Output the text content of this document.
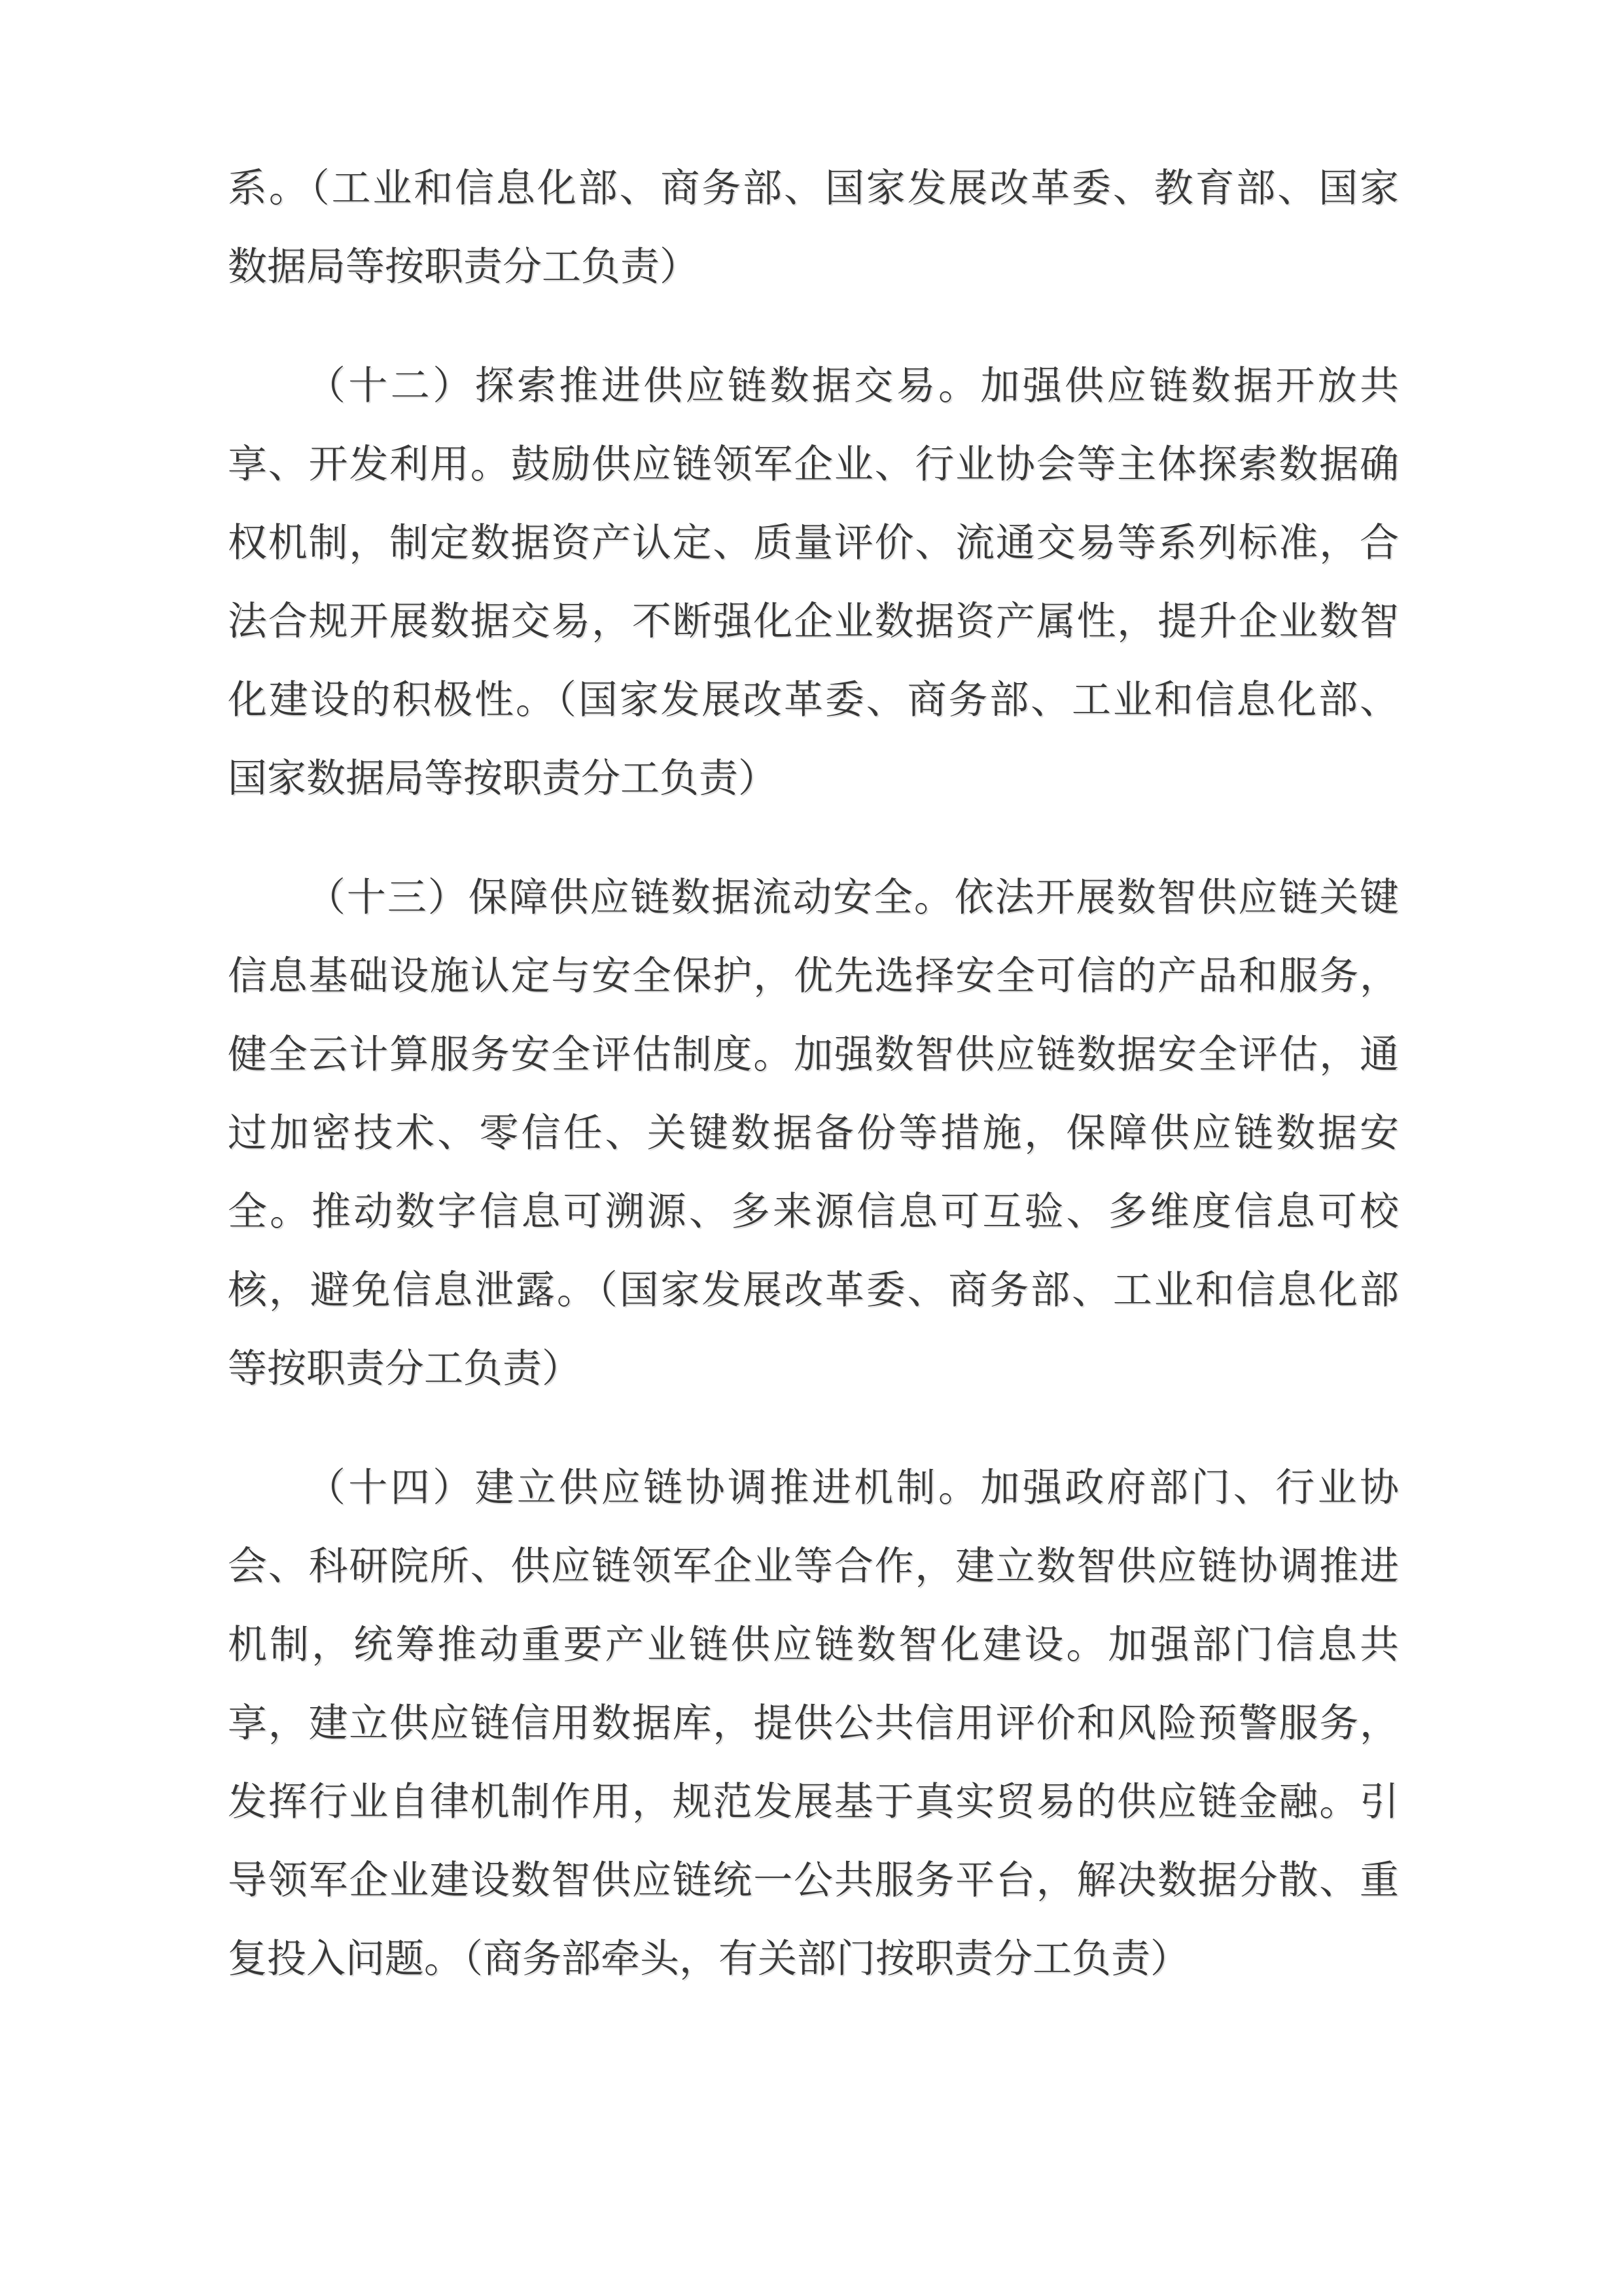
系。（工业和信息化部、商务部、国家发展改革委、教育部、国家
数据局等按职责分工负责）
（十二）探索推进供应链数据交易。加强供应链数据开放共
享、开发利用。鼓励供应链领军企业、行业协会等主体探索数据确
权机制，制定数据资产认定、质量评价、流通交易等系列标准，合
法合规开展数据交易，不断强化企业数据资产属性，提升企业数智
化建设的积极性。（国家发展改革委、商务部、工业和信息化部、
国家数据局等按职责分工负责）
（十三）保障供应链数据流动安全。依法开展数智供应链关键
信息基础设施认定与安全保护，优先选择安全可信的产品和服务，
健全云计算服务安全评估制度。加强数智供应链数据安全评估，通
过加密技术、零信任、关键数据备份等措施，保障供应链数据安
全。推动数字信息可溯源、多来源信息可互验、多维度信息可校
核，避免信息泄露。（国家发展改革委、商务部、工业和信息化部
等按职责分工负责）
（十四）建立供应链协调推进机制。加强政府部门、行业协
会、科研院所、供应链领军企业等合作，建立数智供应链协调推进
机制，统筹推动重要产业链供应链数智化建设。加强部门信息共
享，建立供应链信用数据库，提供公共信用评价和风险预警服务，
发挥行业自律机制作用，规范发展基于真实贸易的供应链金融。引
导领军企业建设数智供应链统一公共服务平台，解决数据分散、重
复投入问题。（商务部牵头，有关部门按职责分工负责）
